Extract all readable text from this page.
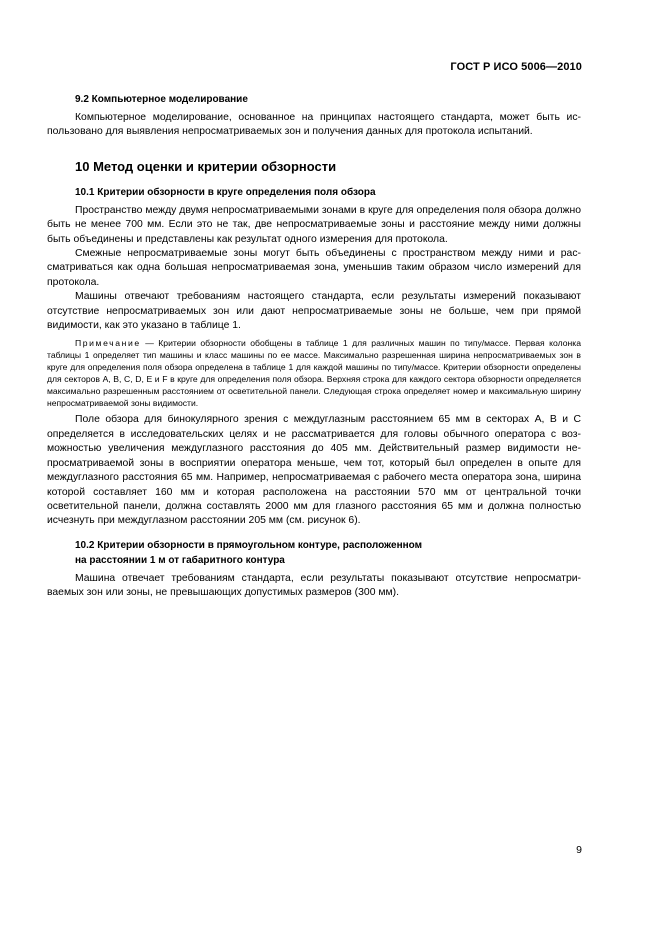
ГОСТ Р ИСО 5006—2010
9.2 Компьютерное моделирование

Компьютерное моделирование, основанное на принципах настоящего стандарта, может быть использовано для выявления непросматриваемых зон и получения данных для протокола испытаний.

10 Метод оценки и критерии обзорности
10.1 Критерии обзорности в круге определения поля обзора

Пространство между двумя непросматриваемыми зонами в круге для определения поля обзора должно быть не менее 700 мм. Если это не так, две непросматриваемые зоны и расстояние между ними должны быть объединены и представлены как результат одного измерения для протокола.

Смежные непросматриваемые зоны могут быть объединены с пространством между ними и рассматриваться как одна большая непросматриваемая зона, уменьшив таким образом число измерений для протокола.

Машины отвечают требованиям настоящего стандарта, если результаты измерений показывают отсутствие непросматриваемых зон или дают непросматриваемые зоны не больше, чем при прямой видимости, как это указано в таблице 1.

Примечание — Критерии обзорности обобщены в таблице 1 для различных машин по типу/массе. Первая колонка таблицы 1 определяет тип машины и класс машины по ее массе. Максимально разрешенная ширина непросматриваемых зон в круге для определения поля обзора определена в таблице 1 для каждой машины по типу/массе. Критерии обзорности определены для секторов A, B, C, D, E и F в круге для определения поля обзора. Верхняя строка для каждого сектора обзорности определяется максимально разрешенным расстоянием от осветительной панели. Следующая строка определяет номер и максимальную ширину непросматриваемой зоны видимости.

Поле обзора для бинокулярного зрения с междуглазным расстоянием 65 мм в секторах A, B и C определяется в исследовательских целях и не рассматривается для головы обычного оператора с возможностью увеличения междуглазного расстояния до 405 мм. Действительный размер видимости непросматриваемой зоны в восприятии оператора меньше, чем тот, который был определен в опыте для междуглазного расстояния 65 мм. Например, непросматриваемая с рабочего места оператора зона, ширина которой составляет 160 мм и которая расположена на расстоянии 570 мм от центральной точки осветительной панели, должна составлять 2000 мм для глазного расстояния 65 мм и должна полностью исчезнуть при междуглазном расстоянии 205 мм (см. рисунок 6).

10.2 Критерии обзорности в прямоугольном контуре, расположенном
на расстоянии 1 м от габаритного контура

Машина отвечает требованиям стандарта, если результаты показывают отсутствие непросматриваемых зон или зоны, не превышающих допустимых размеров (300 мм).

9
